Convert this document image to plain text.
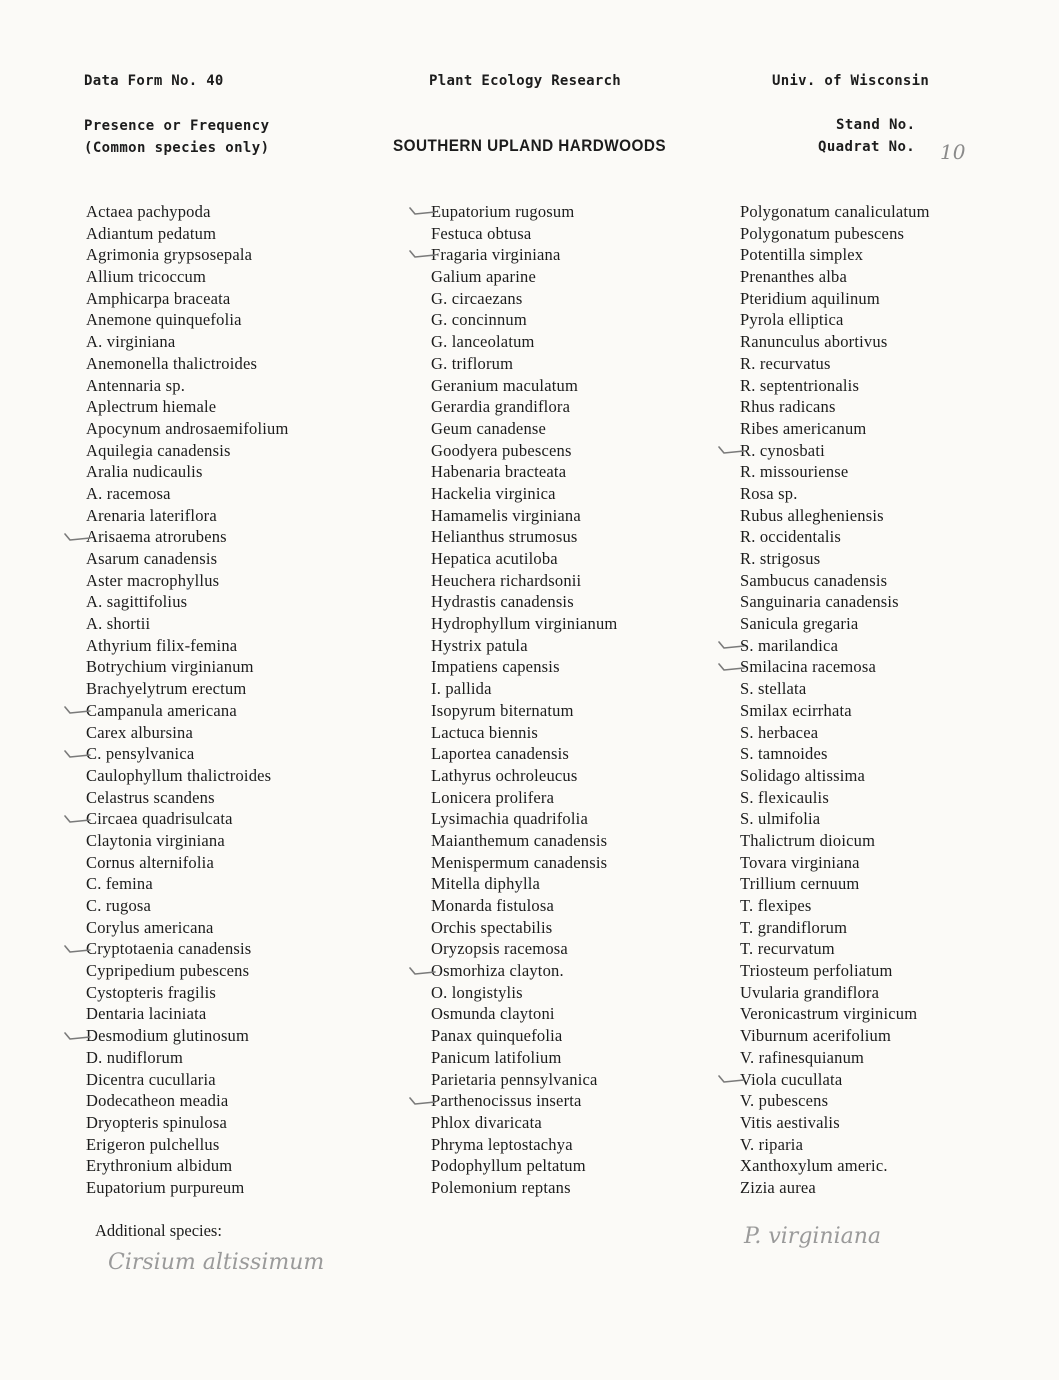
Data Form No. 40	Plant Ecology Research	Univ. of Wisconsin
Presence or Frequency
(Common species only)	SOUTHERN UPLAND HARDWOODS
Stand No.
Quadrat No. 10
Actaea pachypoda
Adiantum pedatum
Agrimonia grypsosepala
Allium tricoccum
Amphicarpa braceata
Anemone quinquefolia
A. virginiana
Anemonella thalictroides
Antennaria sp.
Aplectrum hiemale
Apocynum androsaemifolium
Aquilegia canadensis
Aralia nudicaulis
A. racemosa
Arenaria lateriflora
Arisaema atrorubens
Asarum canadensis
Aster macrophyllus
A. sagittifolius
A. shortii
Athyrium filix-femina
Botrychium virginianum
Brachyelytrum erectum
Campanula americana
Carex albursina
C. pensylvanica
Caulophyllum thalictroides
Celastrus scandens
Circaea quadrisulcata
Claytonia virginiana
Cornus alternifolia
C. femina
C. rugosa
Corylus americana
Cryptotaenia canadensis
Cypripedium pubescens
Cystopteris fragilis
Dentaria laciniata
Desmodium glutinosum
D. nudiflorum
Dicentra cucullaria
Dodecatheon meadia
Dryopteris spinulosa
Erigeron pulchellus
Erythronium albidum
Eupatorium purpureum
Eupatorium rugosum
Festuca obtusa
Fragaria virginiana
Galium aparine
G. circaezans
G. concinnum
G. lanceolatum
G. triflorum
Geranium maculatum
Gerardia grandiflora
Geum canadense
Goodyera pubescens
Habenaria bracteata
Hackelia virginica
Hamamelis virginiana
Helianthus strumosus
Hepatica acutiloba
Heuchera richardsonii
Hydrastis canadensis
Hydrophyllum virginianum
Hystrix patula
Impatiens capensis
I. pallida
Isopyrum biternatum
Lactuca biennis
Laportea canadensis
Lathyrus ochroleucus
Lonicera prolifera
Lysimachia quadrifolia
Maianthemum canadensis
Menispermum canadensis
Mitella diphylla
Monarda fistulosa
Orchis spectabilis
Oryzopsis racemosa
Osmorhiza clayton.
O. longistylis
Osmunda claytoni
Panax quinquefolia
Panicum latifolium
Parietaria pennsylvanica
Parthenocissus inserta
Phlox divaricata
Phryma leptostachya
Podophyllum peltatum
Polemonium reptans
Polygonatum canaliculatum
Polygonatum pubescens
Potentilla simplex
Prenanthes alba
Pteridium aquilinum
Pyrola elliptica
Ranunculus abortivus
R. recurvatus
R. septentrionalis
Rhus radicans
Ribes americanum
R. cynosbati
R. missouriense
Rosa sp.
Rubus allegheniensis
R. occidentalis
R. strigosus
Sambucus canadensis
Sanguinaria canadensis
Sanicula gregaria
S. marilandica
Smilacina racemosa
S. stellata
Smilax ecirrhata
S. herbacea
S. tamnoides
Solidago altissima
S. flexicaulis
S. ulmifolia
Thalictrum dioicum
Tovara virginiana
Trillium cernuum
T. flexipes
T. grandiflorum
T. recurvatum
Triosteum perfoliatum
Uvularia grandiflora
Veronicastrum virginicum
Viburnum acerifolium
V. rafinesquianum
Viola cucullata
V. pubescens
Vitis aestivalis
V. riparia
Xanthoxylum americ.
Zizia aurea
Additional species:
Cirsium altissimum
P. virginiana
